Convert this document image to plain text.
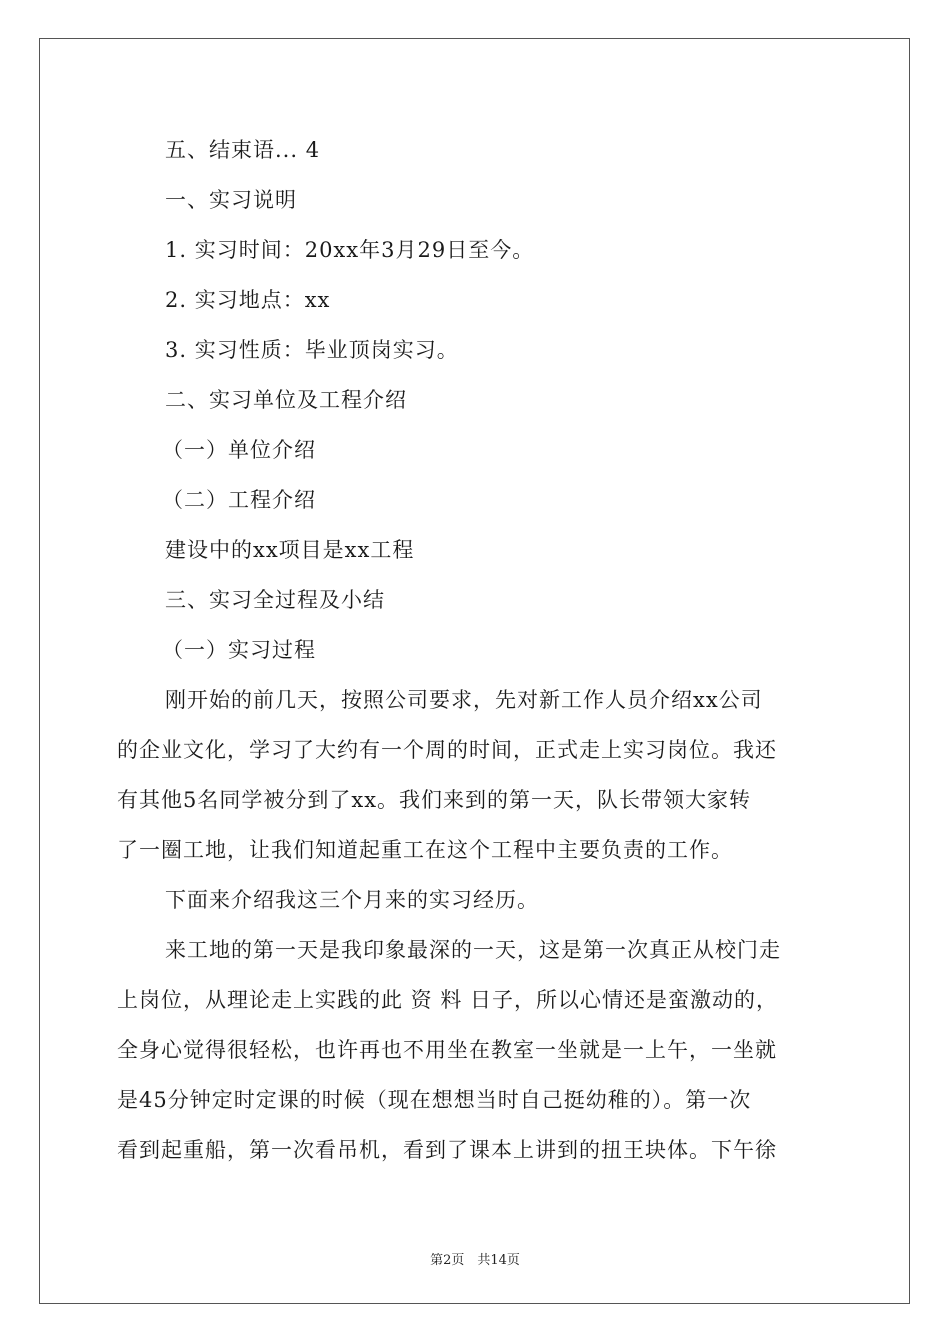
五、结束语... 4
一、实习说明
1. 实习时间：20xx年3月29日至今。
2. 实习地点：xx
3. 实习性质：毕业顶岗实习。
二、实习单位及工程介绍
（一）单位介绍
（二）工程介绍
建设中的xx项目是xx工程
三、实习全过程及小结
（一）实习过程
刚开始的前几天，按照公司要求，先对新工作人员介绍xx公司
的企业文化，学习了大约有一个周的时间，正式走上实习岗位。我还
有其他5名同学被分到了xx。我们来到的第一天，队长带领大家转
了一圈工地，让我们知道起重工在这个工程中主要负责的工作。
下面来介绍我这三个月来的实习经历。
来工地的第一天是我印象最深的一天，这是第一次真正从校门走
上岗位，从理论走上实践的此 资 料 日子，所以心情还是蛮激动的，
全身心觉得很轻松，也许再也不用坐在教室一坐就是一上午，一坐就
是45分钟定时定课的时候（现在想想当时自己挺幼稚的）。第一次
看到起重船，第一次看吊机，看到了课本上讲到的扭王块体。下午徐
第2页　共14页
